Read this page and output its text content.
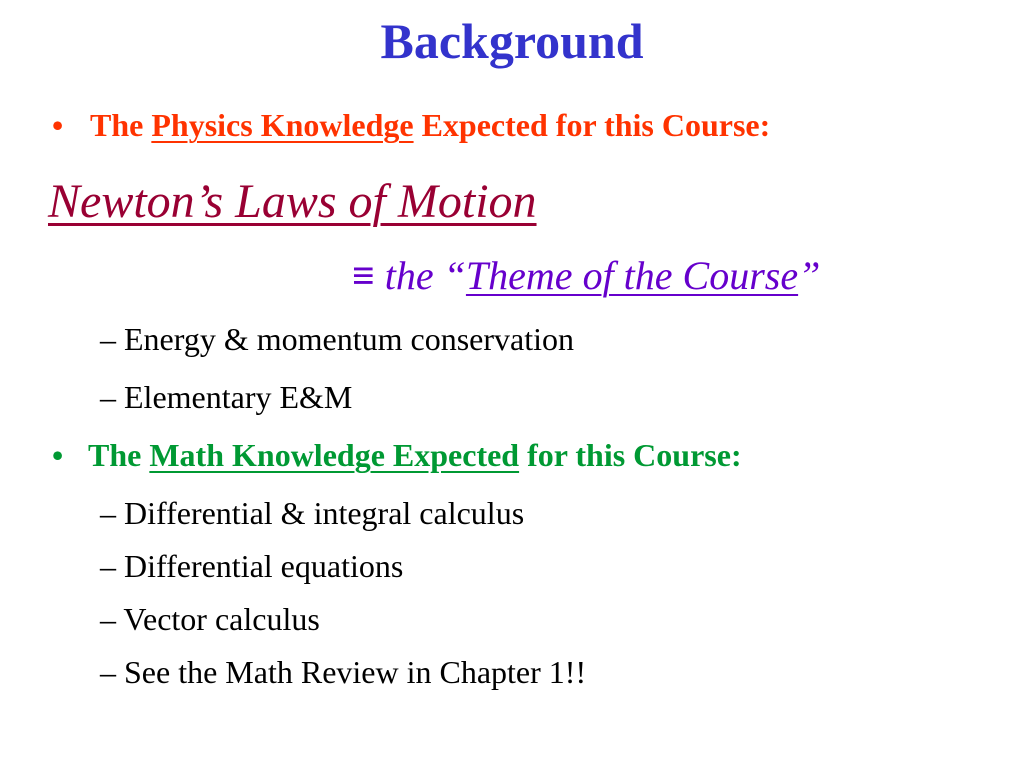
Background
• The Physics Knowledge Expected for this Course:
Newton’s Laws of Motion
≡ the “Theme of the Course”
– Energy & momentum conservation
– Elementary E&M
• The Math Knowledge Expected for this Course:
– Differential & integral calculus
– Differential equations
– Vector calculus
– See the Math Review in Chapter 1!!
